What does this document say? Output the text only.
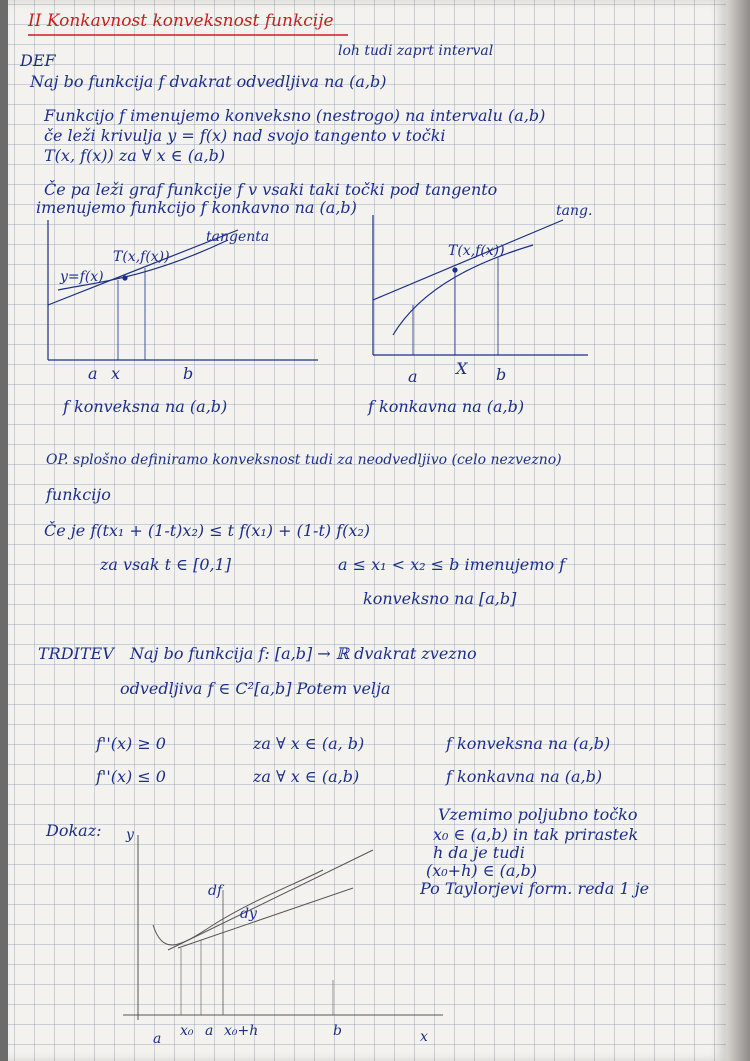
II Konkavnost konveksnost funkcije
loh tudi zaprt interval
DEF
Naj bo funkcija f dvakrat odvedljiva na (a,b)
Funkcijo f imenujemo konveksno (nestrogo) na intervalu (a,b)
če leži krivulja y = f(x) nad svojo tangento v točki
T(x, f(x)) za ∀ x ∈ (a,b)
Če pa leži graf funkcije f v vsaki taki točki pod tangento
imenujemo funkcijo f konkavno na (a,b)
tangenta
T(x,f(x))
y=f(x)
a x	b
f konveksna na (a,b)
tang.
T(x,f(x))
a X b
f konkavna na (a,b)
OP. splošno definiramo konveksnost tudi za neodvedljivo (celo nezvezno)
funkcijo
Če je f(tx₁ + (1-t)x₂) ≤ t f(x₁) + (1-t) f(x₂)
za vsak t ∈ [0,1]	a ≤ x₁ < x₂ ≤ b imenujemo f
konveksno na [a,b]
TRDITEV Naj bo funkcija f: [a,b] → ℝ dvakrat zvezno
odvedljiva f ∈ C²[a,b] Potem velja
f''(x) ≥ 0	za ∀ x ∈ (a, b)	f konveksna na (a,b)
f''(x) ≤ 0	za ∀ x ∈ (a,b)	f konkavna na (a,b)
Dokaz:
Vzemimo poljubno točko
x₀ ∈ (a,b) in tak prirastek
h da je tudi
(x₀+h) ∈ (a,b)
Po Taylorjevi form. reda 1 je
y
x
df
dy
a x₀ a x₀+h	b
